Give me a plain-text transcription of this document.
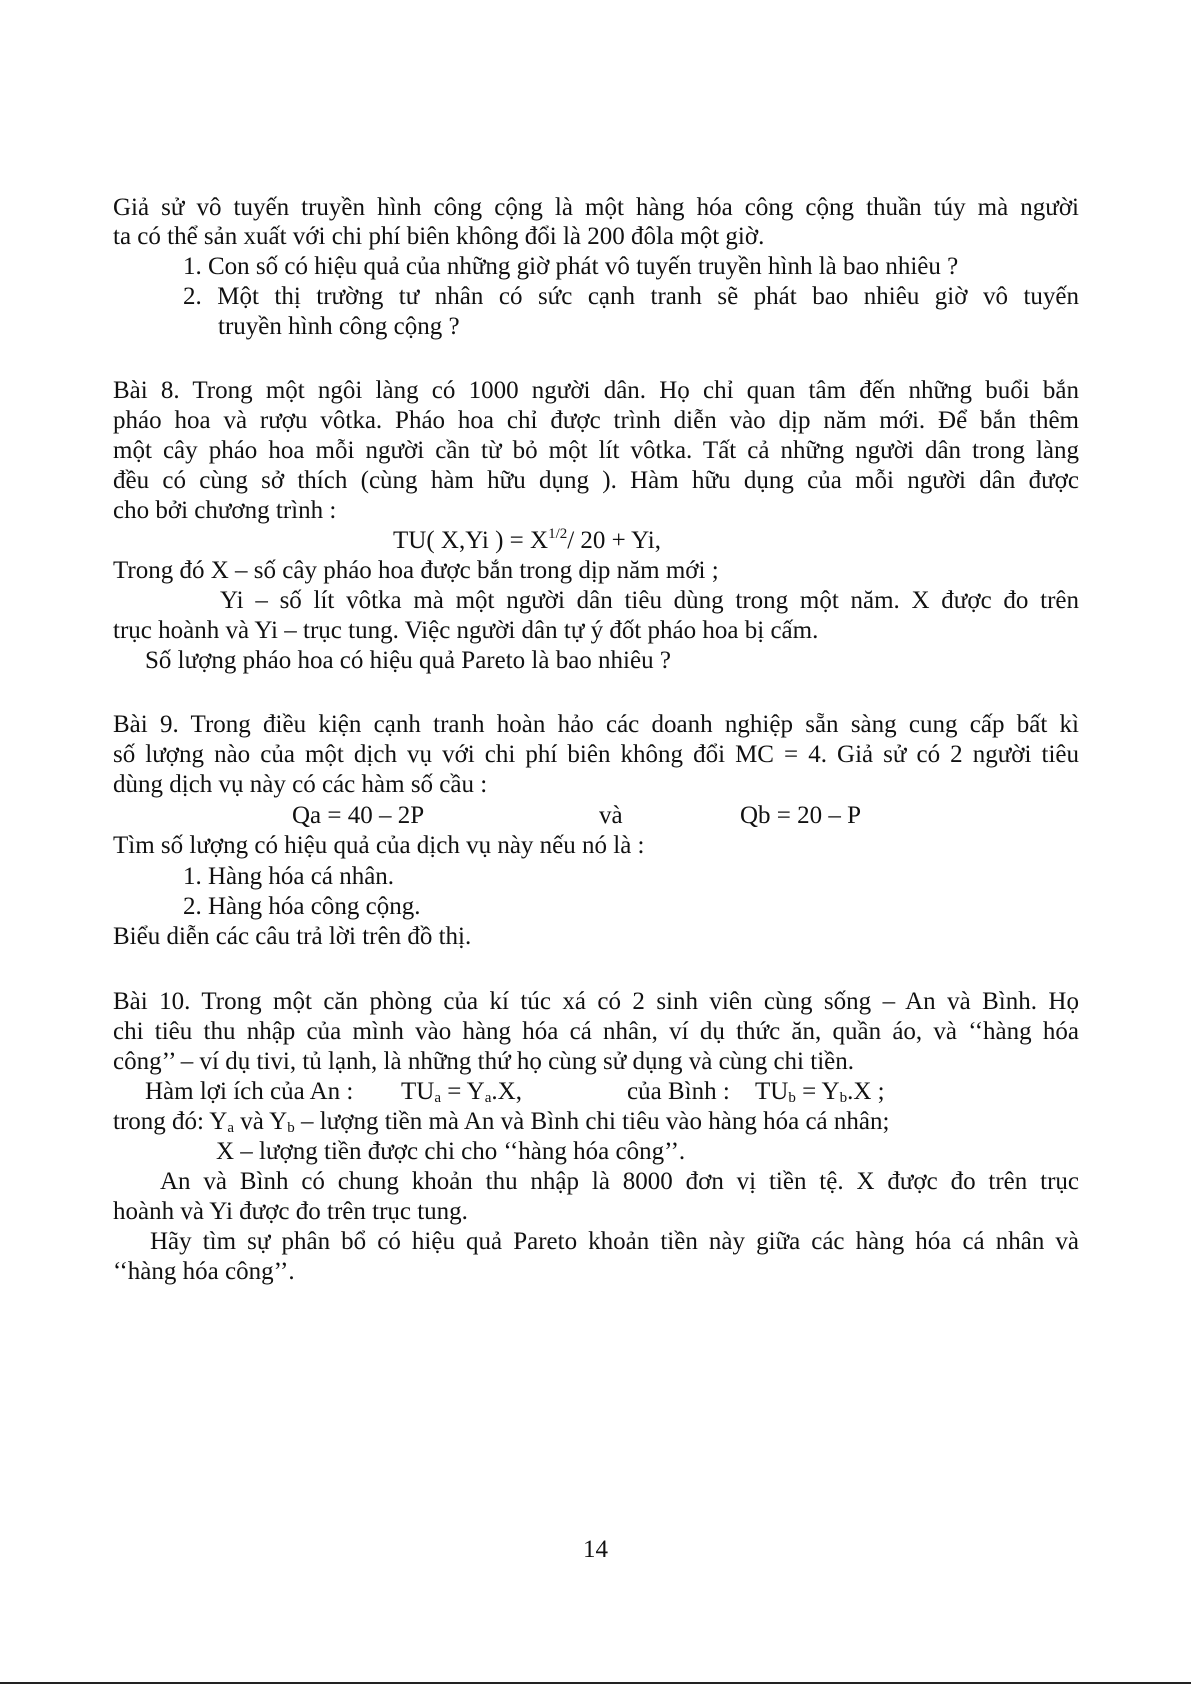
Giả sử vô tuyến truyền hình công cộng là một hàng hóa công cộng thuần túy mà người
ta có thể sản xuất với chi phí biên không đổi là 200 đôla một giờ.
1. Con số có hiệu quả của những giờ phát vô tuyến truyền hình là bao nhiêu ?
2. Một thị trường tư nhân có sức cạnh tranh sẽ phát bao nhiêu giờ vô tuyến
truyền hình công cộng ?
Bài 8. Trong một ngôi làng có 1000 người dân. Họ chỉ quan tâm đến những buổi bắn
pháo hoa và rượu vôtka. Pháo hoa chỉ được trình diễn vào dịp năm mới. Để bắn thêm
một cây pháo hoa mỗi người cần từ bỏ một lít vôtka. Tất cả những người dân trong làng
đều có cùng sở thích (cùng hàm hữu dụng ). Hàm hữu dụng của mỗi người dân được
cho bởi chương trình :
TU( X,Yi ) = $X^{1/2}/$ 20 + Yi,
Trong đó X – số cây pháo hoa được bắn trong dịp năm mới ;
Yi – số lít vôtka mà một người dân tiêu dùng trong một năm. X được đo trên
trục hoành và Yi – trục tung. Việc người dân tự ý đốt pháo hoa bị cấm.
Số lượng pháo hoa có hiệu quả Pareto là bao nhiêu ?
Bài 9. Trong điều kiện cạnh tranh hoàn hảo các doanh nghiệp sẵn sàng cung cấp bất kì
số lượng nào của một dịch vụ với chi phí biên không đổi MC = 4. Giả sử có 2 người tiêu
dùng dịch vụ này có các hàm số cầu :
Qa = 40 – 2P	và	Qb = 20 – P
Tìm số lượng có hiệu quả của dịch vụ này nếu nó là :
1. Hàng hóa cá nhân.
2. Hàng hóa công cộng.
Biểu diễn các câu trả lời trên đồ thị.
Bài 10. Trong một căn phòng của kí túc xá có 2 sinh viên cùng sống – An và Bình. Họ
chi tiêu thu nhập của mình vào hàng hóa cá nhân, ví dụ thức ăn, quần áo, và ‘‘hàng hóa
công’’ – ví dụ tivi, tủ lạnh, là những thứ họ cùng sử dụng và cùng chi tiền.
Hàm lợi ích của An : $TU_a = Y_a.X$,	của Bình : $TU_b = Y_b.X$ ;
trong đó: $Y_a$ và $Y_b$ – lượng tiền mà An và Bình chi tiêu vào hàng hóa cá nhân;
X – lượng tiền được chi cho ‘‘hàng hóa công’’.
An và Bình có chung khoản thu nhập là 8000 đơn vị tiền tệ. X được đo trên trục
hoành và Yi được đo trên trục tung.
Hãy tìm sự phân bổ có hiệu quả Pareto khoản tiền này giữa các hàng hóa cá nhân và
‘‘hàng hóa công’’.
14
